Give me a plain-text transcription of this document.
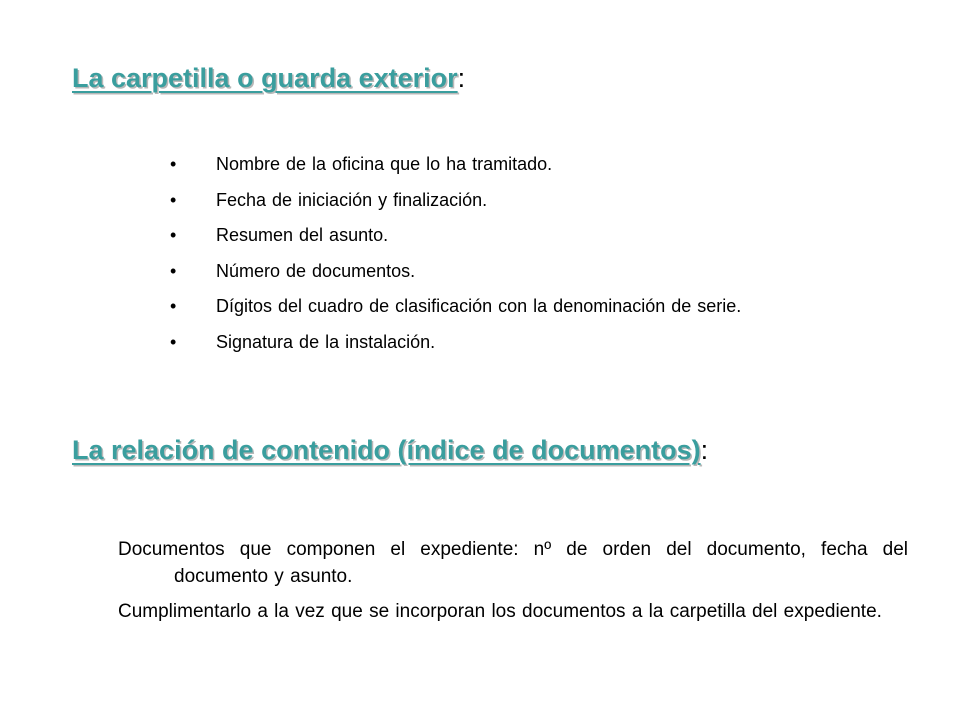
La carpetilla o guarda exterior:
• Nombre de la oficina que lo ha tramitado.
• Fecha de iniciación y finalización.
• Resumen del asunto.
• Número de documentos.
• Dígitos del cuadro de clasificación con la denominación de serie.
• Signatura de la instalación.
La relación de contenido (índice de documentos):

Documentos que componen el expediente: nº de orden del documento, fecha del documento y asunto.

Cumplimentarlo a la vez que se incorporan los documentos a la carpetilla del expediente.
